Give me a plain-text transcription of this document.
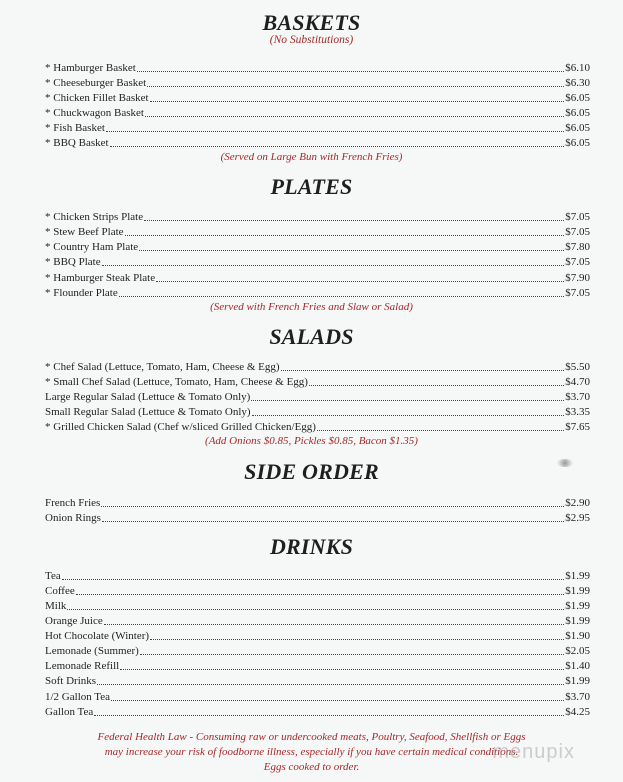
BASKETS
(No Substitutions)
* Hamburger Basket	$6.10
* Cheeseburger Basket	$6.30
* Chicken Fillet Basket	$6.05
* Chuckwagon Basket	$6.05
* Fish Basket	$6.05
* BBQ Basket	$6.05
(Served on Large Bun with French Fries)
PLATES
* Chicken Strips Plate	$7.05
* Stew Beef Plate	$7.05
* Country Ham Plate	$7.80
* BBQ Plate	$7.05
* Hamburger Steak Plate	$7.90
* Flounder Plate	$7.05
(Served with French Fries and Slaw or Salad)
SALADS
* Chef Salad (Lettuce, Tomato, Ham, Cheese & Egg)	$5.50
* Small Chef Salad (Lettuce, Tomato, Ham, Cheese & Egg)	$4.70
Large Regular Salad (Lettuce & Tomato Only)	$3.70
Small Regular Salad (Lettuce & Tomato Only)	$3.35
* Grilled Chicken Salad (Chef w/sliced Grilled Chicken/Egg)	$7.65
(Add Onions $0.85, Pickles $0.85, Bacon $1.35)
SIDE ORDER
French Fries	$2.90
Onion Rings	$2.95
DRINKS
Tea	$1.99
Coffee	$1.99
Milk	$1.99
Orange Juice	$1.99
Hot Chocolate (Winter)	$1.90
Lemonade (Summer)	$2.05
Lemonade Refill	$1.40
Soft Drinks	$1.99
1/2 Gallon Tea	$3.70
Gallon Tea	$4.25
Federal Health Law - Consuming raw or undercooked meats, Poultry, Seafood, Shellfish or Eggs
may increase your risk of foodborne illness, especially if you have certain medical conditions.
Eggs cooked to order.
menupix
